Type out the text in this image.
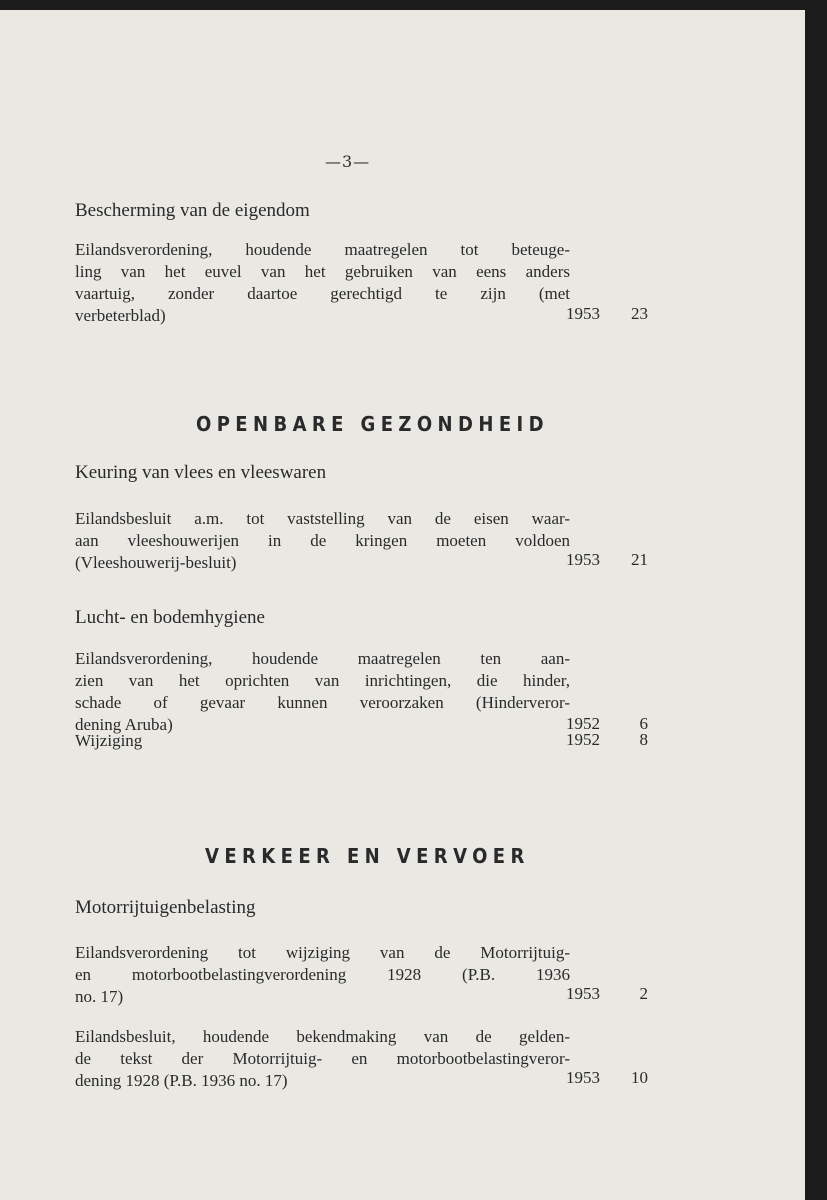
—3—
Bescherming van de eigendom
Eilandsverordening, houdende maatregelen tot beteuge-
ling van het euvel van het gebruiken van eens anders
vaartuig, zonder daartoe gerechtigd te zijn (met
verbeterblad)	1953	23
OPENBARE GEZONDHEID
Keuring van vlees en vleeswaren
Eilandsbesluit a.m. tot vaststelling van de eisen waar-
aan vleeshouwerijen in de kringen moeten voldoen
(Vleeshouwerij-besluit)	1953	21
Lucht- en bodemhygiene
Eilandsverordening, houdende maatregelen ten aan-
zien van het oprichten van inrichtingen, die hinder,
schade of gevaar kunnen veroorzaken (Hinderveror-
dening Aruba)	1952	6
Wijziging	1952	8
VERKEER EN VERVOER
Motorrijtuigenbelasting
Eilandsverordening tot wijziging van de Motorrijtuig-
en motorbootbelastingverordening 1928 (P.B. 1936
no. 17)	1953	2
Eilandsbesluit, houdende bekendmaking van de gelden-
de tekst der Motorrijtuig- en motorbootbelastingveror-
dening 1928 (P.B. 1936 no. 17)	1953	10
